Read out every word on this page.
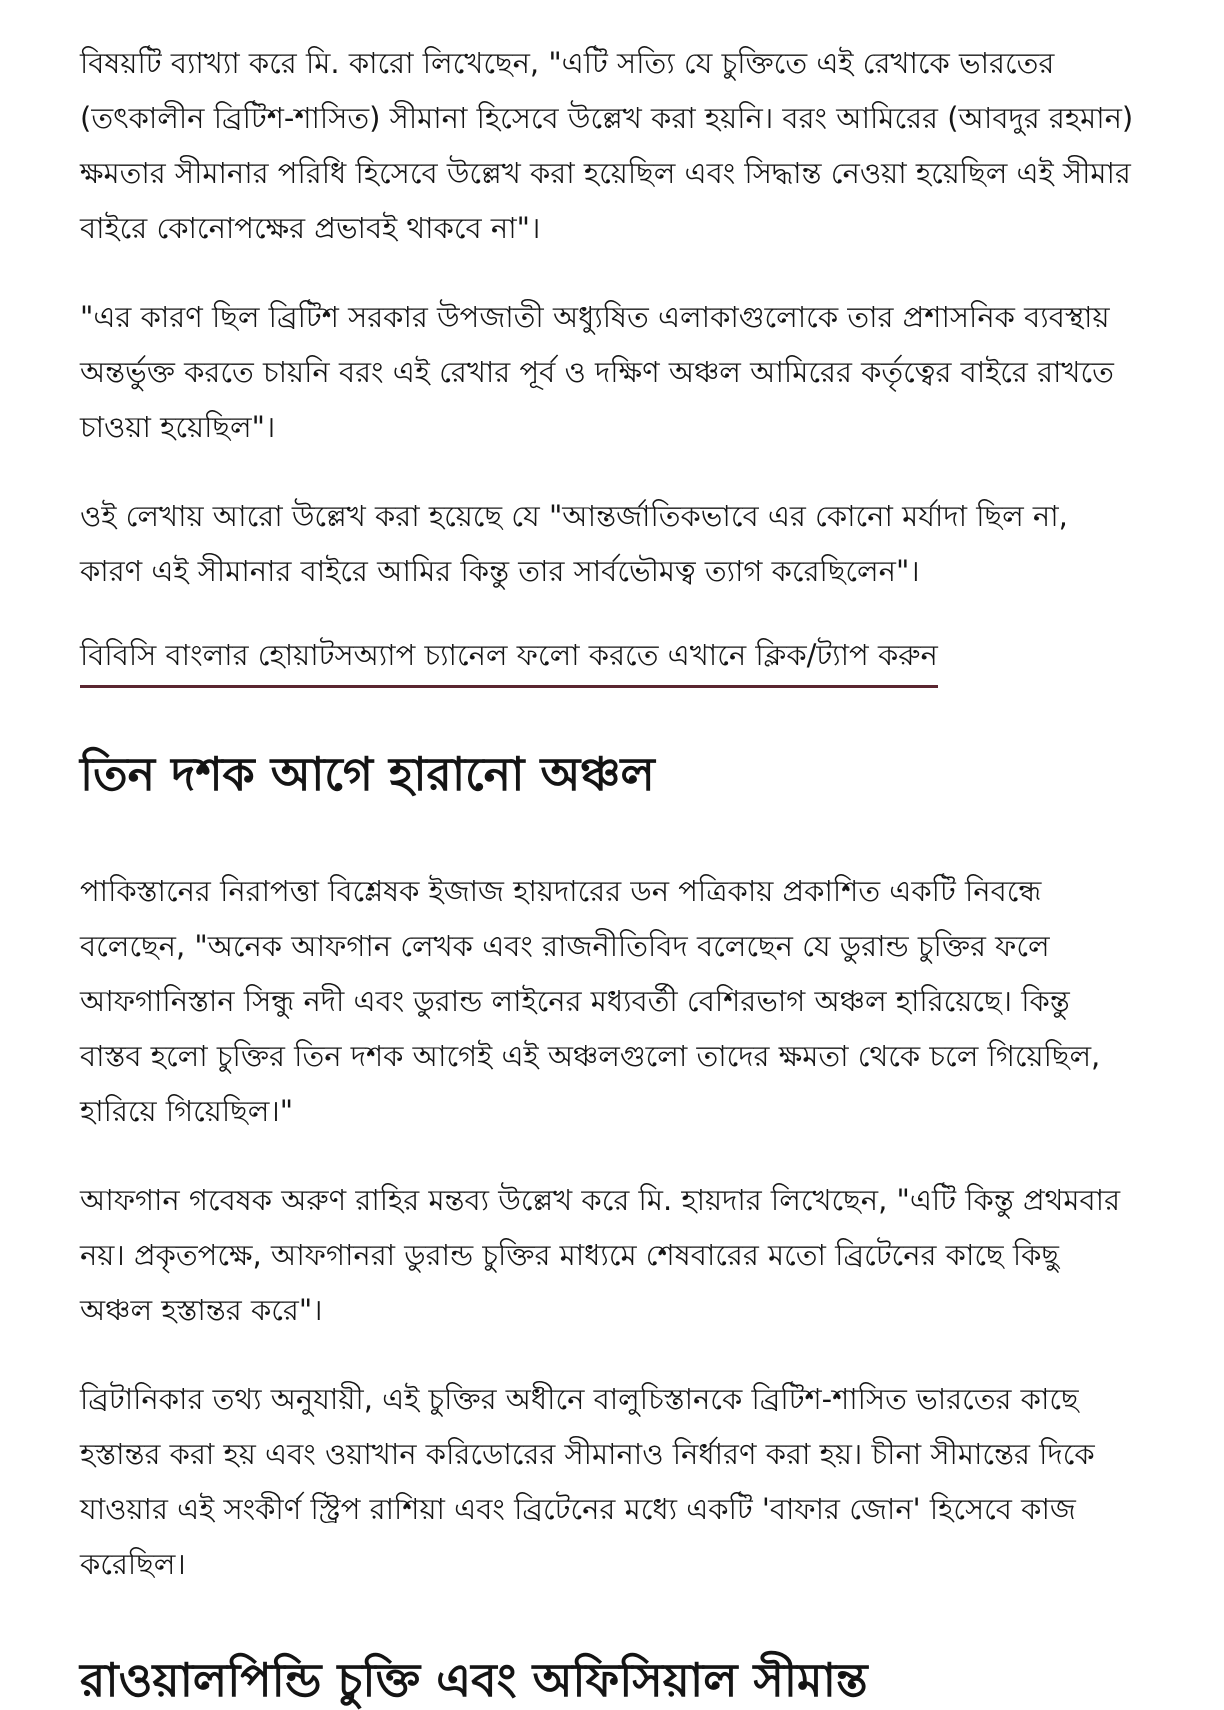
বিষয়টি ব্যাখ্যা করে মি. কারো লিখেছেন, "এটি সত্যি যে চুক্তিতে এই রেখাকে ভারতের (তৎকালীন ব্রিটিশ-শাসিত) সীমানা হিসেবে উল্লেখ করা হয়নি। বরং আমিরের (আবদুর রহমান) ক্ষমতার সীমানার পরিধি হিসেবে উল্লেখ করা হয়েছিল এবং সিদ্ধান্ত নেওয়া হয়েছিল এই সীমার বাইরে কোনোপক্ষের প্রভাবই থাকবে না"।

"এর কারণ ছিল ব্রিটিশ সরকার উপজাতী অধ্যুষিত এলাকাগুলোকে তার প্রশাসনিক ব্যবস্থায় অন্তর্ভুক্ত করতে চায়নি বরং এই রেখার পূর্ব ও দক্ষিণ অঞ্চল আমিরের কর্তৃত্বের বাইরে রাখতে চাওয়া হয়েছিল"।

ওই লেখায় আরো উল্লেখ করা হয়েছে যে "আন্তর্জাতিকভাবে এর কোনো মর্যাদা ছিল না, কারণ এই সীমানার বাইরে আমির কিন্তু তার সার্বভৌমত্ব ত্যাগ করেছিলেন"।

বিবিসি বাংলার হোয়াটসঅ্যাপ চ্যানেল ফলো করতে এখানে ক্লিক/ট্যাপ করুন
তিন দশক আগে হারানো অঞ্চল

পাকিস্তানের নিরাপত্তা বিশ্লেষক ইজাজ হায়দারের ডন পত্রিকায় প্রকাশিত একটি নিবন্ধে বলেছেন, "অনেক আফগান লেখক এবং রাজনীতিবিদ বলেছেন যে ডুরান্ড চুক্তির ফলে আফগানিস্তান সিন্ধু নদী এবং ডুরান্ড লাইনের মধ্যবর্তী বেশিরভাগ অঞ্চল হারিয়েছে। কিন্তু বাস্তব হলো চুক্তির তিন দশক আগেই এই অঞ্চলগুলো তাদের ক্ষমতা থেকে চলে গিয়েছিল, হারিয়ে গিয়েছিল।"

আফগান গবেষক অরুণ রাহির মন্তব্য উল্লেখ করে মি. হায়দার লিখেছেন, "এটি কিন্তু প্রথমবার নয়। প্রকৃতপক্ষে, আফগানরা ডুরান্ড চুক্তির মাধ্যমে শেষবারের মতো ব্রিটেনের কাছে কিছু অঞ্চল হস্তান্তর করে"।

ব্রিটানিকার তথ্য অনুযায়ী, এই চুক্তির অধীনে বালুচিস্তানকে ব্রিটিশ-শাসিত ভারতের কাছে হস্তান্তর করা হয় এবং ওয়াখান করিডোরের সীমানাও নির্ধারণ করা হয়। চীনা সীমান্তের দিকে যাওয়ার এই সংকীর্ণ স্ট্রিপ রাশিয়া এবং ব্রিটেনের মধ্যে একটি 'বাফার জোন' হিসেবে কাজ করেছিল।

রাওয়ালপিন্ডি চুক্তি এবং অফিসিয়াল সীমান্ত
